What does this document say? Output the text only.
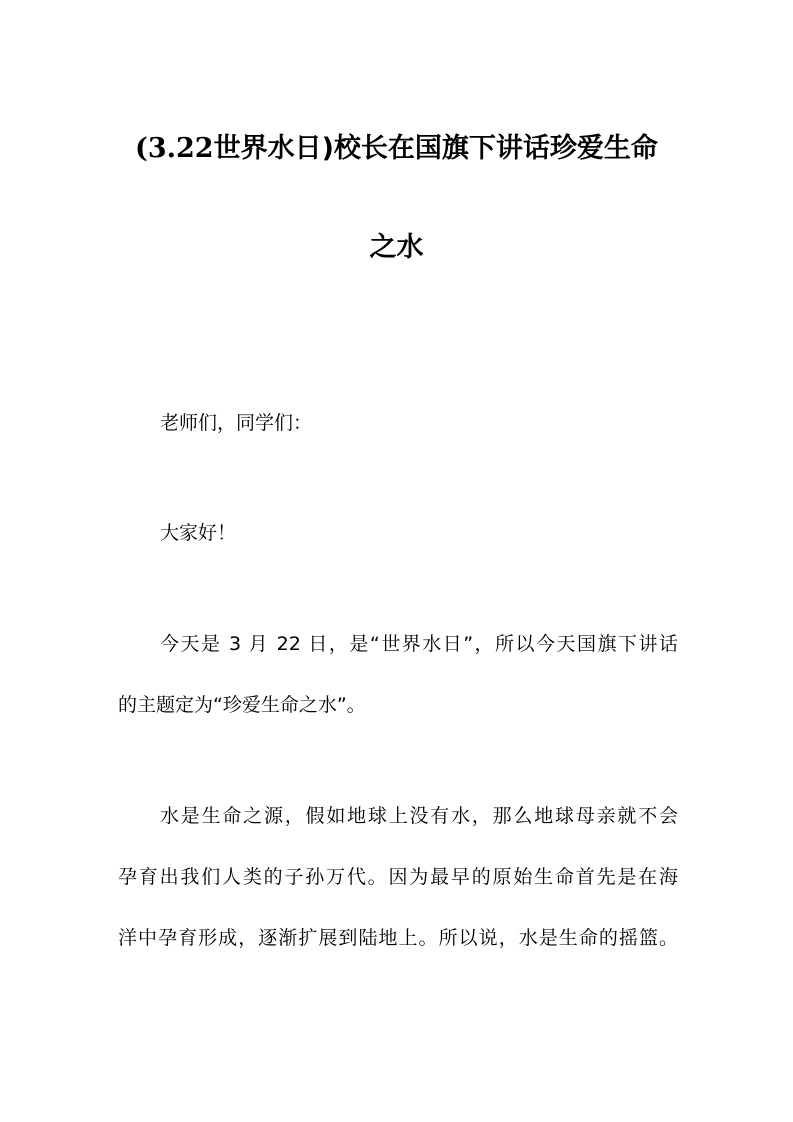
(3.22世界水日)校长在国旗下讲话珍爱生命
之水
老师们，同学们：
大家好！
今天是 3 月 22 日，是“世界水日”，所以今天国旗下讲话
的主题定为“珍爱生命之水”。
水是生命之源，假如地球上没有水，那么地球母亲就不会
孕育出我们人类的子孙万代。因为最早的原始生命首先是在海
洋中孕育形成，逐渐扩展到陆地上。所以说，水是生命的摇篮。
